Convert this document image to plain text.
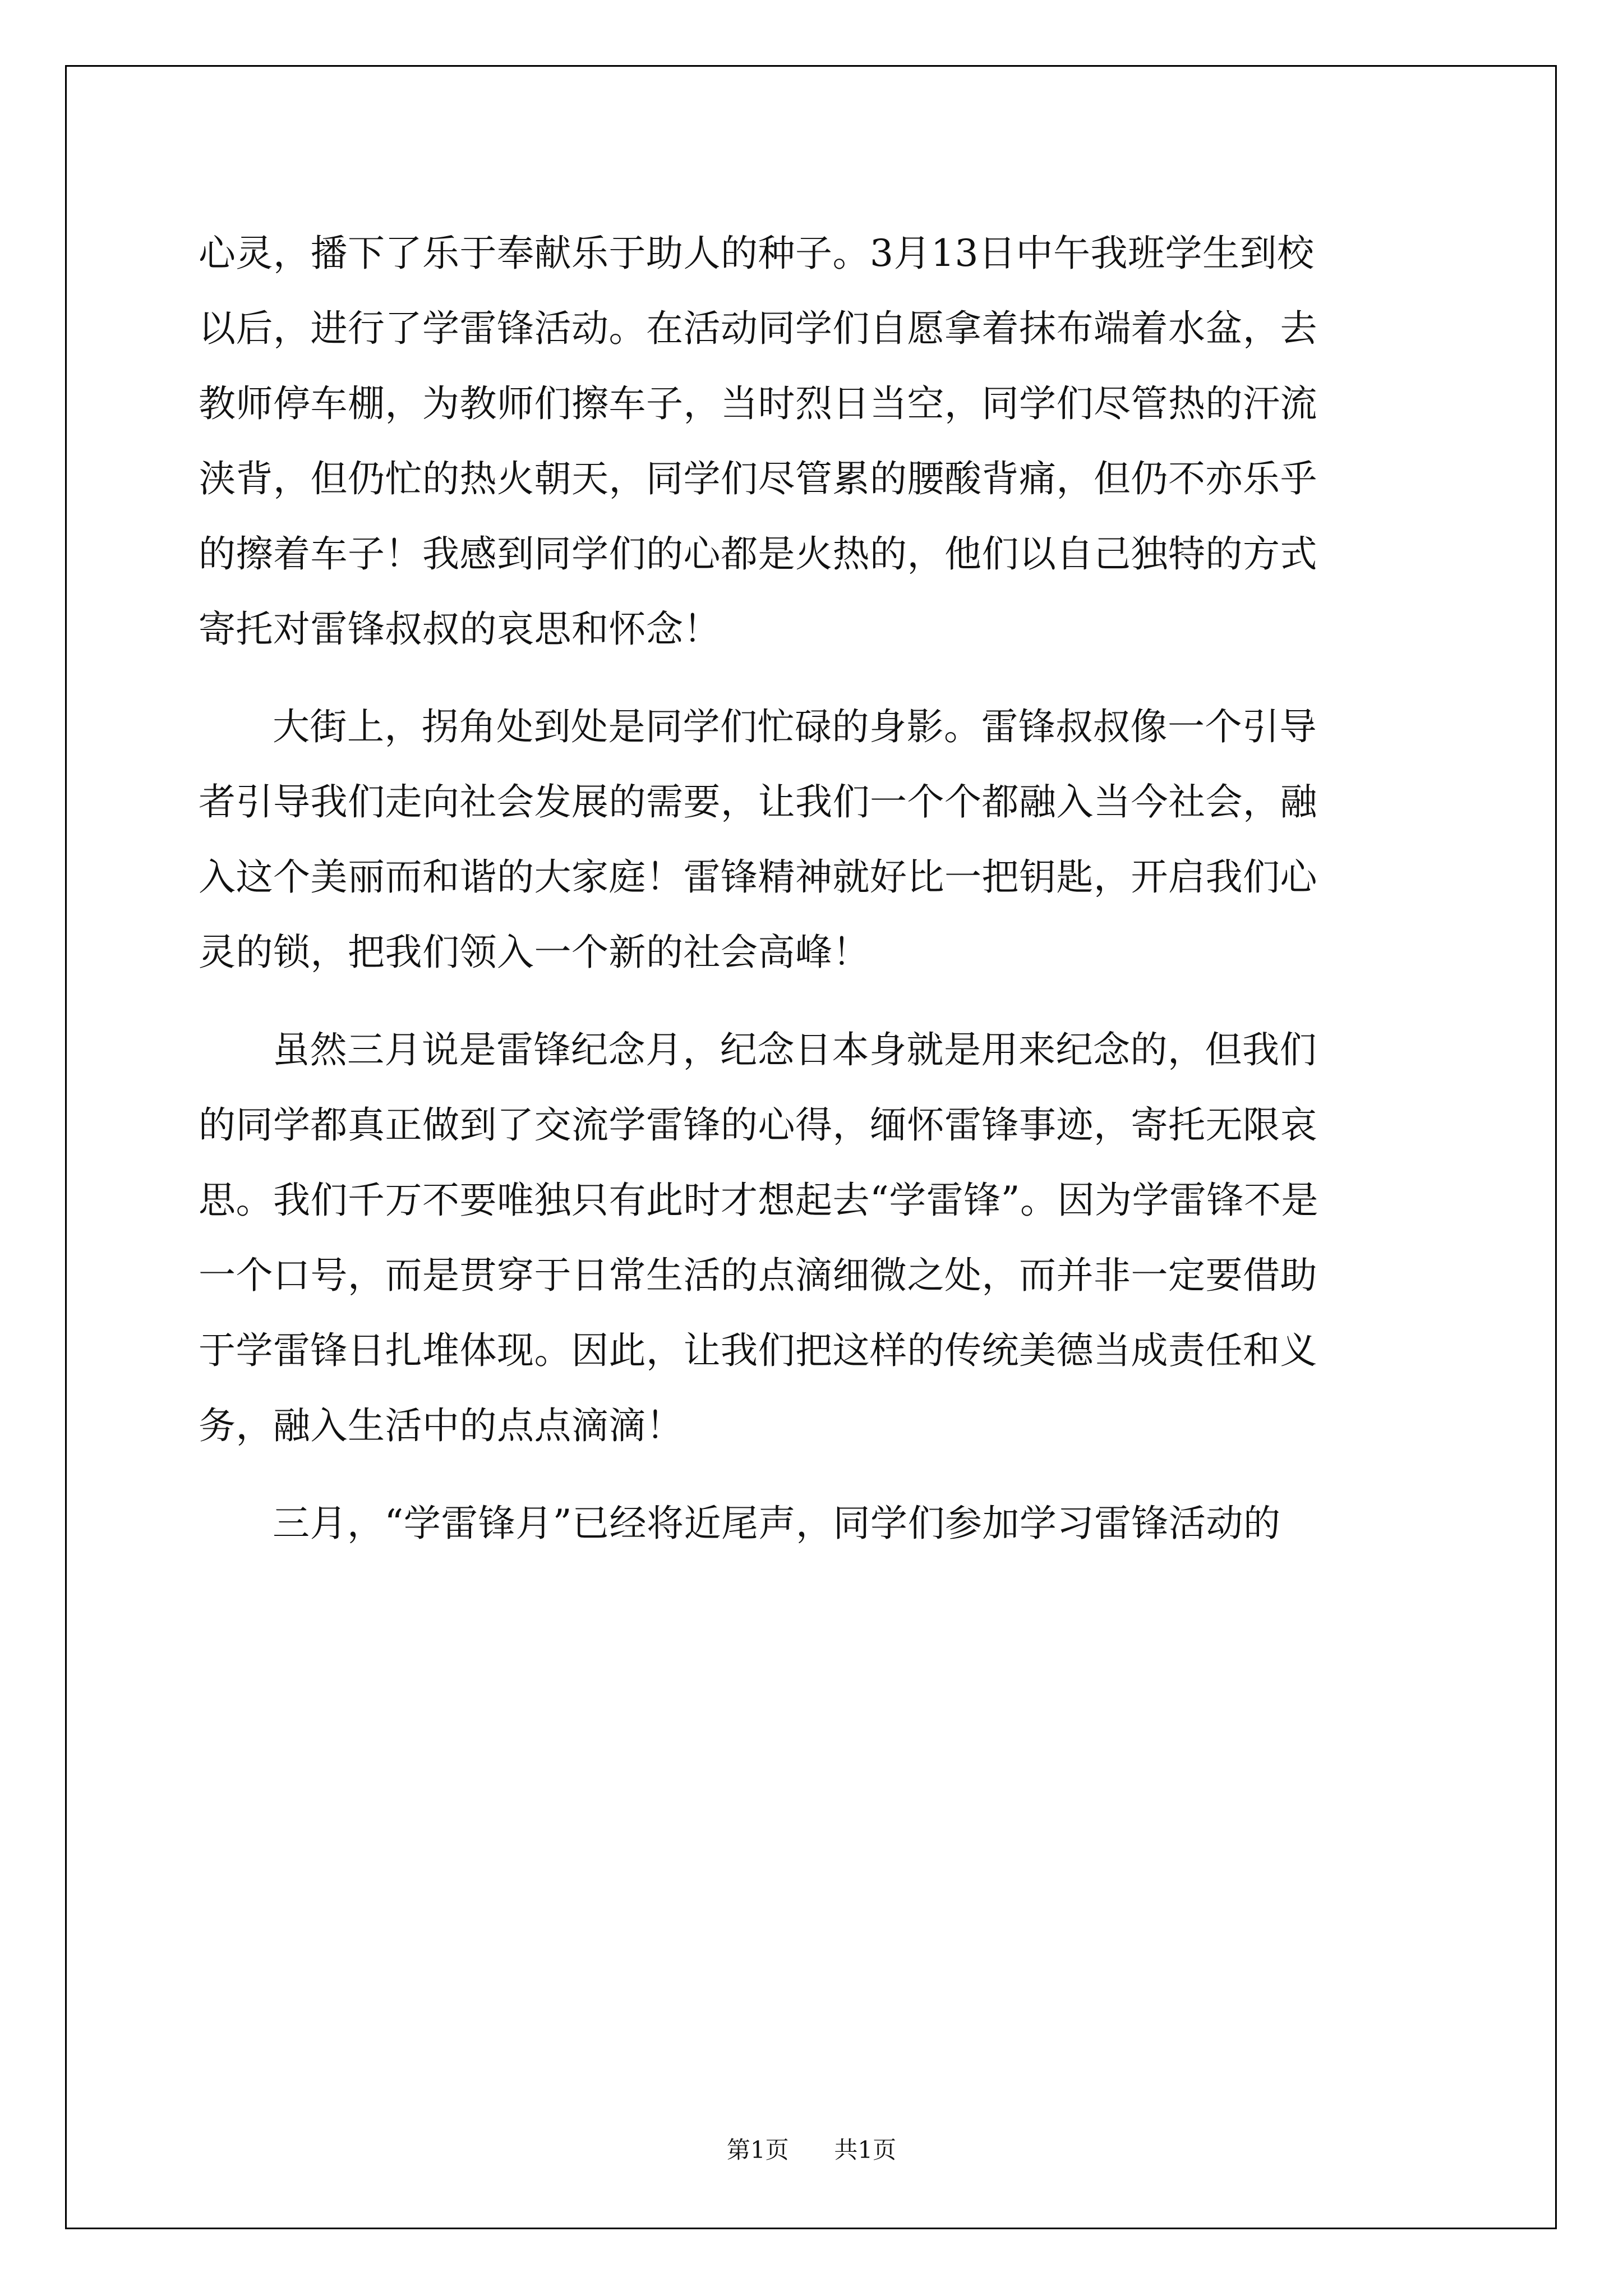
心灵，播下了乐于奉献乐于助人的种子。3月13日中午我班学生到校
以后，进行了学雷锋活动。在活动同学们自愿拿着抹布端着水盆，去
教师停车棚，为教师们擦车子，当时烈日当空，同学们尽管热的汗流
浃背，但仍忙的热火朝天，同学们尽管累的腰酸背痛，但仍不亦乐乎
的擦着车子！我感到同学们的心都是火热的，他们以自己独特的方式
寄托对雷锋叔叔的哀思和怀念！
大街上，拐角处到处是同学们忙碌的身影。雷锋叔叔像一个引导
者引导我们走向社会发展的需要，让我们一个个都融入当今社会，融
入这个美丽而和谐的大家庭！雷锋精神就好比一把钥匙，开启我们心
灵的锁，把我们领入一个新的社会高峰！
虽然三月说是雷锋纪念月，纪念日本身就是用来纪念的，但我们
的同学都真正做到了交流学雷锋的心得，缅怀雷锋事迹，寄托无限哀
思。我们千万不要唯独只有此时才想起去“学雷锋”。因为学雷锋不是
一个口号，而是贯穿于日常生活的点滴细微之处，而并非一定要借助
于学雷锋日扎堆体现。因此，让我们把这样的传统美德当成责任和义
务，融入生活中的点点滴滴！
三月，“学雷锋月”已经将近尾声，同学们参加学习雷锋活动的
第1页 共1页
